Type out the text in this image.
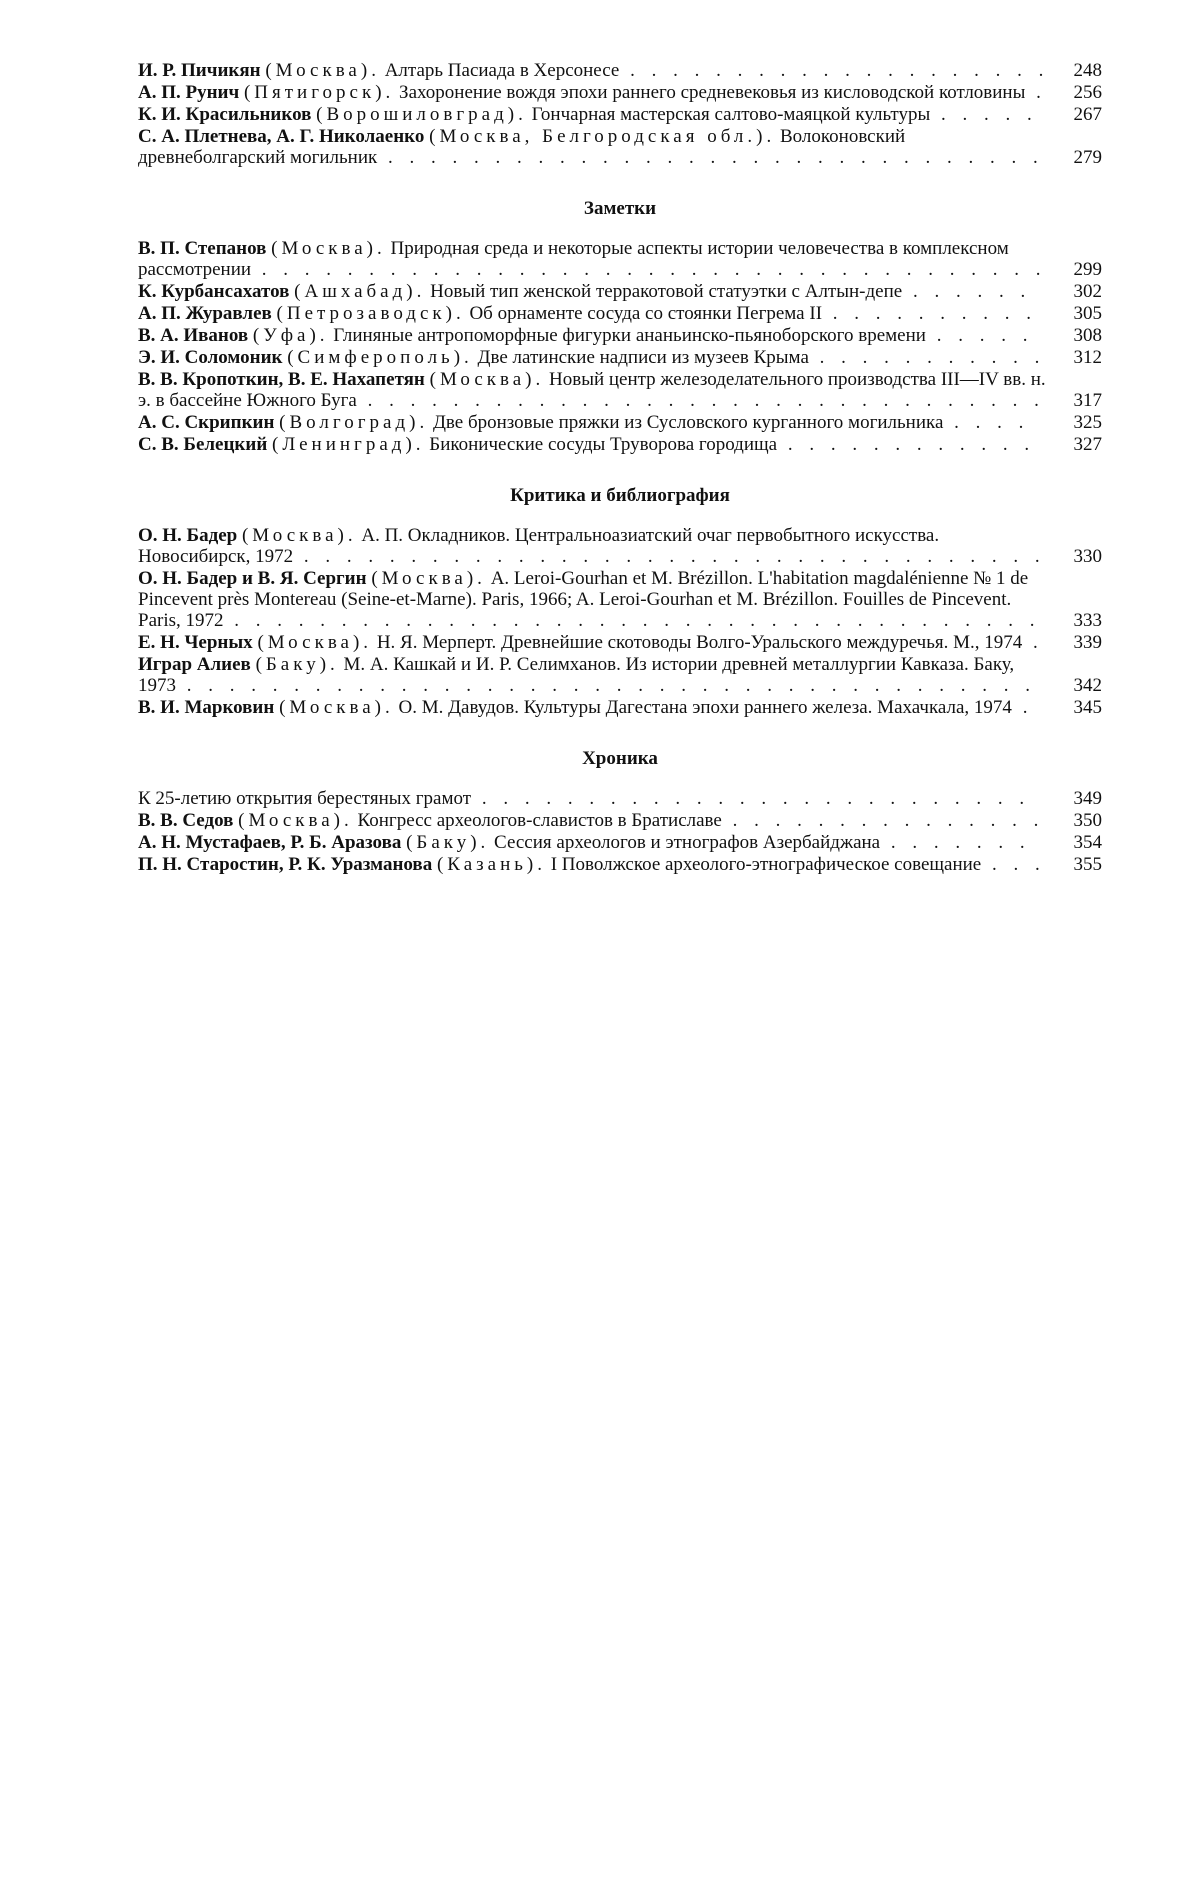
И. Р. Пичикян (Москва). Алтарь Пасиада в Херсонесе . . . . . . . . . . . . . . . . . . . .	248
А. П. Рунич (Пятигорск). Захоронение вождя эпохи раннего средневековья из кисловодской котловины .	256
К. И. Красильников (Ворошиловград). Гончарная мастерская салтово-маяцкой культуры . . . . .	267
С. А. Плетнева, А. Г. Николаенко (Москва, Белгородская обл.). Волоконовский древнеболгарский могильник . . . . . . . . . . . . . . . . . . . . . . . . . . . . . . .	279
Заметки
В. П. Степанов (Москва). Природная среда и некоторые аспекты истории человечества в комплексном рассмотрении . . . . . . . . . . . . . . . . . . . . . . . . . . . . . . . . . . . . .	299
К. Курбансахатов (Ашхабад). Новый тип женской терракотовой статуэтки с Алтын-депе . . . . . .	302
А. П. Журавлев (Петрозаводск). Об орнаменте сосуда со стоянки Пегрема II . . . . . . . . . .	305
В. А. Иванов (Уфа). Глиняные антропоморфные фигурки ананьинско-пьяноборского времени . . . . .	308
Э. И. Соломоник (Симферополь). Две латинские надписи из музеев Крыма . . . . . . . . . . .	312
В. В. Кропоткин, В. Е. Нахапетян (Москва). Новый центр железоделательного производства III—IV вв. н. э. в бассейне Южного Буга . . . . . . . . . . . . . . . . . . . . . . . . . . . . . . . .	317
А. С. Скрипкин (Волгоград). Две бронзовые пряжки из Сусловского курганного могильника . . . .	325
С. В. Белецкий (Ленинград). Биконические сосуды Труворова городища . . . . . . . . . . . .	327
Критика и библиография
О. Н. Бадер (Москва). А. П. Окладников. Центральноазиатский очаг первобытного искусства. Новосибирск, 1972 . . . . . . . . . . . . . . . . . . . . . . . . . . . . . . . . . . .	330
О. Н. Бадер и В. Я. Сергин (Москва). A. Leroi-Gourhan et M. Brézillon. L'habitation magdalénienne № 1 de Pincevent près Montereau (Seine-et-Marne). Paris, 1966; A. Leroi-Gourhan et M. Brézillon. Fouilles de Pincevent. Paris, 1972 . . . . . . . . . . . . . . . . . . . . . . . . . . . . . . . . . . . . . .	333
Е. Н. Черных (Москва). Н. Я. Мерперт. Древнейшие скотоводы Волго-Уральского междуречья. М., 1974 .	339
Играр Алиев (Баку). М. А. Кашкай и И. Р. Селимханов. Из истории древней металлургии Кавказа. Баку, 1973 . . . . . . . . . . . . . . . . . . . . . . . . . . . . . . . . . . . . . . . .	342
В. И. Марковин (Москва). О. М. Давудов. Культуры Дагестана эпохи раннего железа. Махачкала, 1974 .	345
Хроника
К 25-летию открытия берестяных грамот . . . . . . . . . . . . . . . . . . . . . . . . . .	349
В. В. Седов (Москва). Конгресс археологов-славистов в Братиславе . . . . . . . . . . . . . . .	350
А. Н. Мустафаев, Р. Б. Аразова (Баку). Сессия археологов и этнографов Азербайджана . . . . . . .	354
П. Н. Старостин, Р. К. Уразманова (Казань). I Поволжское археолого-этнографическое совещание . . .	355
